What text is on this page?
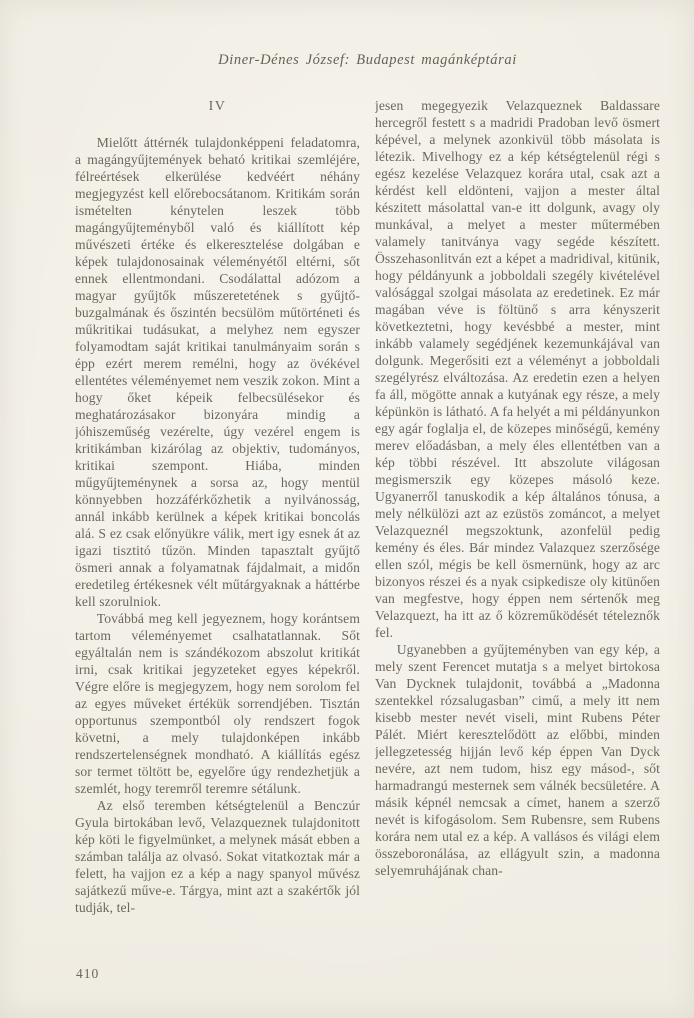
Diner-Dénes József: Budapest magánképtárai
IV

Mielőtt áttérnék tulajdonképpeni feladatomra, a magángyűjtemények beható kritikai szemléjére, félreértések elkerülése kedvéért néhány megjegyzést kell előrebocsátanom. Kritikám során ismételten kénytelen leszek több magángyűjteményből való és kiállított kép művészeti értéke és elkeresztelése dolgában e képek tulajdonosainak véleményétől eltérni, sőt ennek ellentmondani. Csodálattal adózom a magyar gyűjtők műszeretetének s gyűjtő-buzgalmának és őszintén becsülöm műtörténeti és műkritikai tudásukat, a melyhez nem egyszer folyamodtam saját kritikai tanulmányaim során s épp ezért merem remélni, hogy az övékével ellentétes véleményemet nem veszik zokon. Mint a hogy őket képeik felbecsülésekor és meghatározásakor bizonyára mindig a jóhiszeműség vezérelte, úgy vezérel engem is kritikámban kizárólag az objektiv, tudományos, kritikai szempont. Hiába, minden műgyűjteménynek a sorsa az, hogy mentül könnyebben hozzáférkőzhetik a nyilvánosság, annál inkább kerülnek a képek kritikai boncolás alá. S ez csak előnyükre válik, mert igy esnek át az igazi tisztitó tűzön. Minden tapasztalt gyűjtő ösmeri annak a folyamatnak fájdalmait, a midőn eredetileg értékesnek vélt műtárgyaknak a háttérbe kell szorulniok.

Továbbá meg kell jegyeznem, hogy korántsem tartom véleményemet csalhatatlannak. Sőt egyáltalán nem is szándékozom abszolut kritikát irni, csak kritikai jegyzeteket egyes képekről. Végre előre is megjegyzem, hogy nem sorolom fel az egyes műveket értékük sorrendjében. Tisztán opportunus szempontból oly rendszert fogok követni, a mely tulajdonképen inkább rendszertelenségnek mondható. A kiállítás egész sor termet töltött be, egyelőre úgy rendezhetjük a szemlét, hogy teremről teremre sétálunk.

Az első teremben kétségtelenül a Benczúr Gyula birtokában levő, Velazqueznek tulajdonitott kép köti le figyelmünket, a melynek mását ebben a számban találja az olvasó. Sokat vitatkoztak már a felett, ha vajjon ez a kép a nagy spanyol művész sajátkezű műve-e. Tárgya, mint azt a szakértők jól tudják, tel-

jesen megegyezik Velazqueznek Baldassare hercegről festett s a madridi Pradoban levő ösmert képével, a melynek azonkivül több másolata is létezik. Mivelhogy ez a kép kétségtelenül régi s egész kezelése Velazquez korára utal, csak azt a kérdést kell eldönteni, vajjon a mester által készitett másolattal van-e itt dolgunk, avagy oly munkával, a melyet a mester műtermében valamely tanitványa vagy segéde készített. Összehasonlitván ezt a képet a madridival, kitünik, hogy példányunk a jobboldali szegély kivételével valósággal szolgai másolata az eredetinek. Ez már magában véve is föltünő s arra kényszerit következtetni, hogy kevésbbé a mester, mint inkább valamely segédjének kezemunkájával van dolgunk. Megerősiti ezt a véleményt a jobboldali szegélyrész elváltozása. Az eredetin ezen a helyen fa áll, mögötte annak a kutyának egy része, a mely képünkön is látható. A fa helyét a mi példányunkon egy agár foglalja el, de közepes minőségű, kemény merev előadásban, a mely éles ellentétben van a kép többi részével. Itt abszolute világosan megismerszik egy közepes másoló keze. Ugyanerről tanuskodik a kép általános tónusa, a mely nélkülözi azt az ezüstös zománcot, a melyet Velazqueznél megszoktunk, azonfelül pedig kemény és éles. Bár mindez Valazquez szerzősége ellen szól, mégis be kell ösmernünk, hogy az arc bizonyos részei és a nyak csipkedisze oly kitünően van megfestve, hogy éppen nem sértenők meg Velazquezt, ha itt az ő közreműködését tételeznők fel.

Ugyanebben a gyűjteményben van egy kép, a mely szent Ferencet mutatja s a melyet birtokosa Van Dycknek tulajdonit, továbbá a „Madonna szentekkel rózsalugasban” cimű, a mely itt nem kisebb mester nevét viseli, mint Rubens Péter Pálét. Miért keresztelődött az előbbi, minden jellegzetesség hijján levő kép éppen Van Dyck nevére, azt nem tudom, hisz egy másod-, sőt harmadrangú mesternek sem válnék becsületére. A másik képnél nemcsak a címet, hanem a szerző nevét is kifogásolom. Sem Rubensre, sem Rubens korára nem utal ez a kép. A vallásos és világi elem összeboronálása, az ellágyult szin, a madonna selyemruhájának chan-

410
